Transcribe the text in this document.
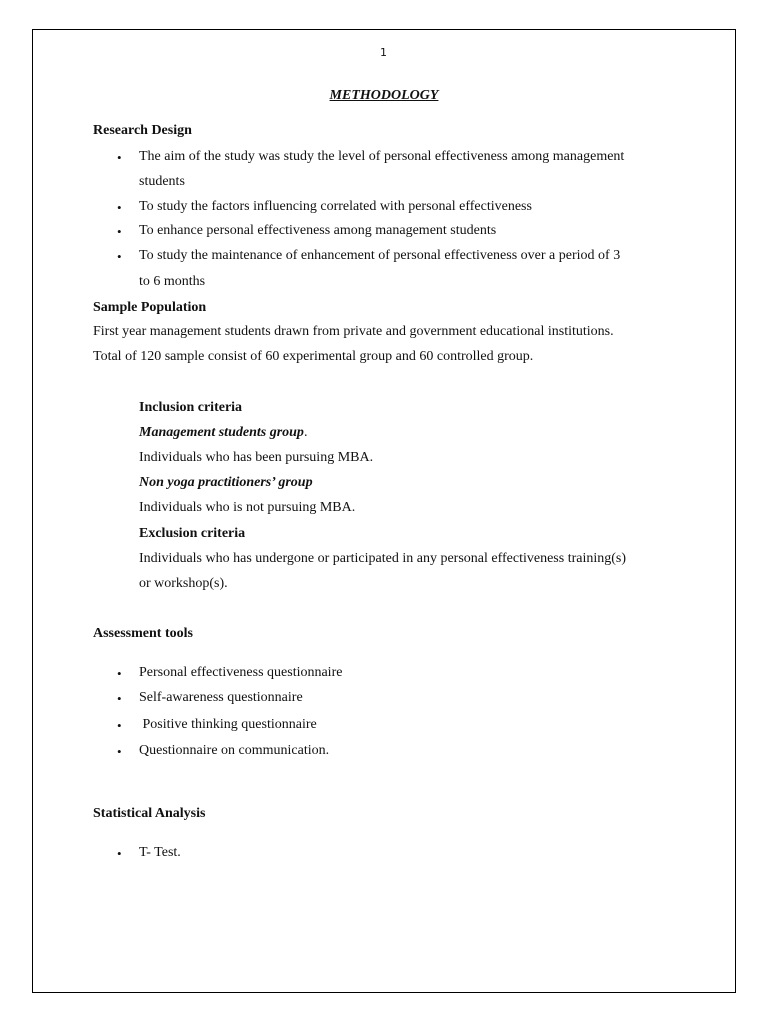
1
METHODOLOGY
Research Design
• The aim of the study was study the level of personal effectiveness among management
students
• To study the factors influencing correlated with personal effectiveness
• To enhance personal effectiveness among management students
• To study the maintenance of enhancement of personal effectiveness over a period of 3
to 6 months
Sample Population
First year management students drawn from private and government educational institutions.
Total of 120 sample consist of 60 experimental group and 60 controlled group.
Inclusion criteria
Management students group.
Individuals who has been pursuing MBA.
Non yoga practitioners’ group
Individuals who is not pursuing MBA.
Exclusion criteria
Individuals who has undergone or participated in any personal effectiveness training(s)
or workshop(s).
Assessment tools
• Personal effectiveness questionnaire
• Self-awareness questionnaire
• Positive thinking questionnaire
• Questionnaire on communication.
Statistical Analysis
• T- Test.
